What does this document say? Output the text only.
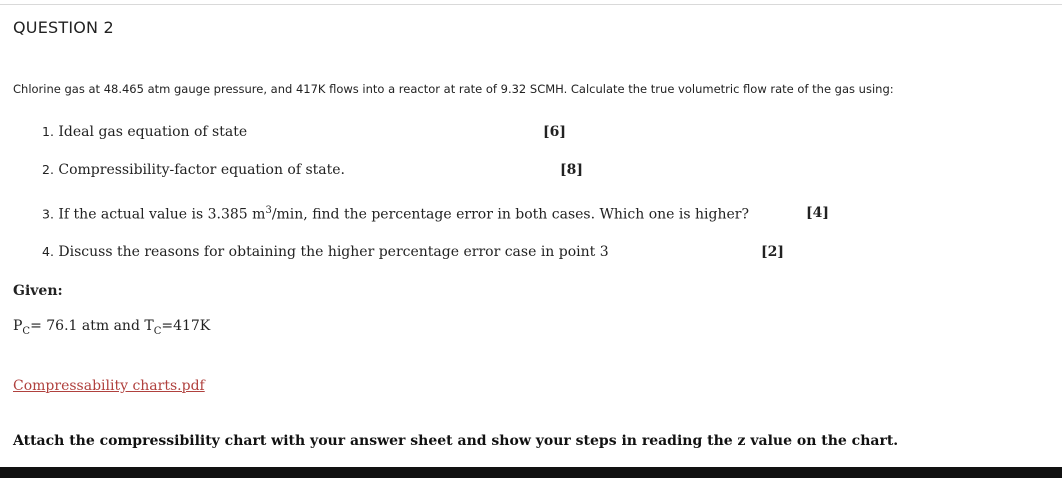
QUESTION 2
Chlorine gas at 48.465 atm gauge pressure, and 417K flows into a reactor at rate of 9.32 SCMH. Calculate the true volumetric flow rate of the gas using:
1. Ideal gas equation of state	[6]
2. Compressibility-factor equation of state.	[8]
3. If the actual value is 3.385 $m^3/\min$, find the percentage error in both cases. Which one is higher?	[4]
4. Discuss the reasons for obtaining the higher percentage error case in point 3	[2]
Given:
$P_C= 76.1$ atm and $T_C=417K$
Compressability charts.pdf
Attach the compressibility chart with your answer sheet and show your steps in reading the z value on the chart.
